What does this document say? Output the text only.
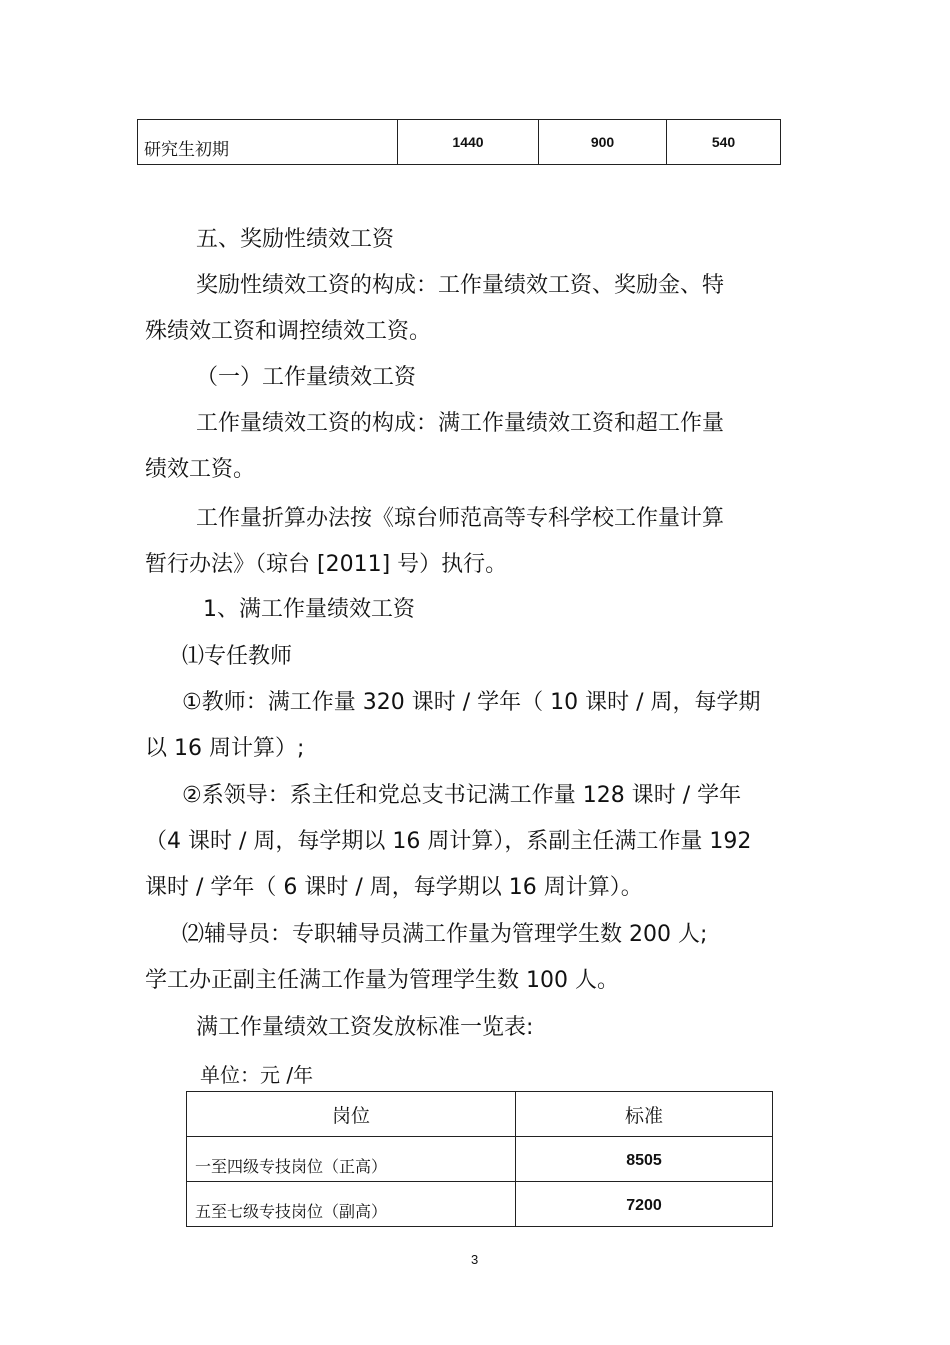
研究生初期	1440	900	540
五、奖励性绩效工资
奖励性绩效工资的构成：工作量绩效工资、奖励金、特
殊绩效工资和调控绩效工资。
（一）工作量绩效工资
工作量绩效工资的构成：满工作量绩效工资和超工作量
绩效工资。
工作量折算办法按《琼台师范高等专科学校工作量计算
暂行办法》（琼台 [2011] 号）执行。
1、满工作量绩效工资
⑴专任教师
①教师：满工作量 320 课时 / 学年（ 10 课时 / 周，每学期
以 16 周计算）;
②系领导：系主任和党总支书记满工作量 128 课时 / 学年
（4 课时 / 周，每学期以 16 周计算），系副主任满工作量 192
课时 / 学年（ 6 课时 / 周，每学期以 16 周计算）。
⑵辅导员：专职辅导员满工作量为管理学生数 200 人;
学工办正副主任满工作量为管理学生数 100 人。
满工作量绩效工资发放标准一览表:
单位：元 /年
岗位	标准
一至四级专技岗位（正高）	8505
五至七级专技岗位（副高）	7200
3
